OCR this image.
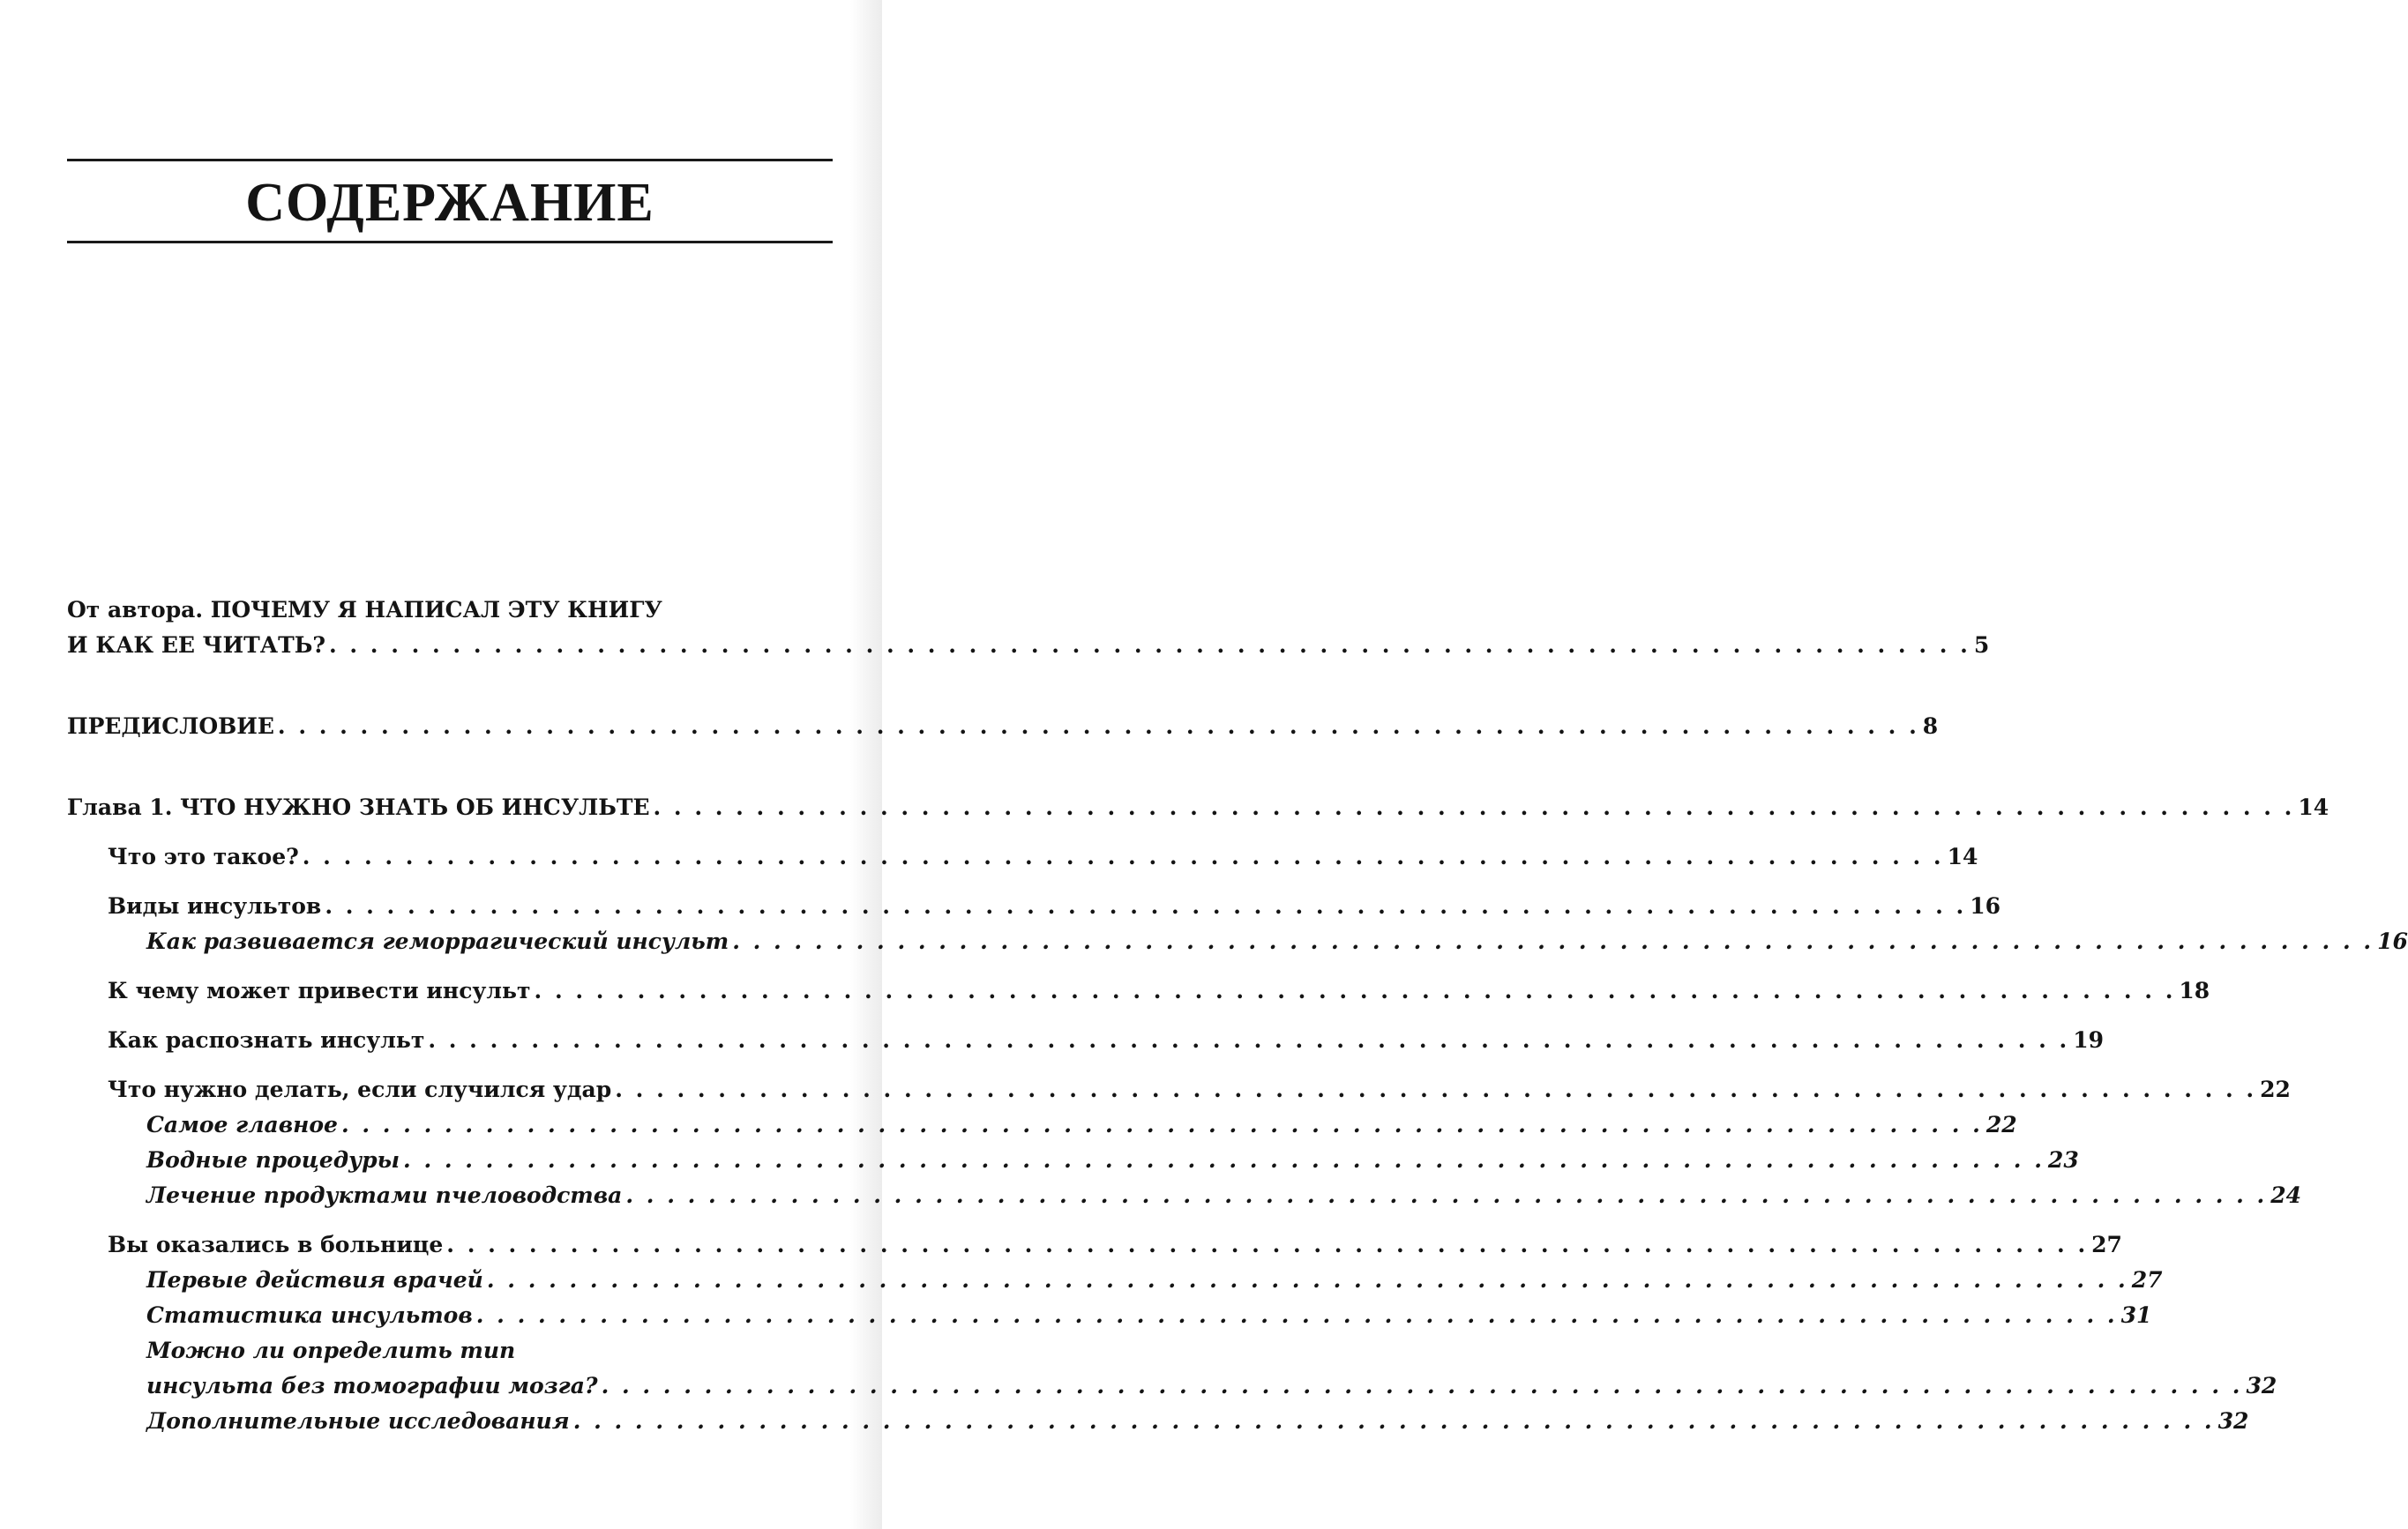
СОДЕРЖАНИЕ
От автора. ПОЧЕМУ Я НАПИСАЛ ЭТУ КНИГУ
И КАК ЕЕ ЧИТАТЬ? . . . . . . . . . . . . . . . . . . . . . . . . . . . . . . . . . . . . . . . . . . . . . . . . . . . . . . . . . . . . . . . . . . . . . . . . . . . . . . . . 5
ПРЕДИСЛОВИЕ . . . . . . . . . . . . . . . . . . . . . . . . . . . . . . . . . . . . . . . . . . . . . . . . . . . . . . . . . . . . . . . . . . . . . . . . . . . . . . . . 8
Глава 1. ЧТО НУЖНО ЗНАТЬ ОБ ИНСУЛЬТЕ . . . . . . . . . . . . . . . . . . . . . . . . . . . . . . . . . . . . . . . . . . . . . . . . . . . . . . . . . . . . . . . . . . . . . . . . . . . . . . . . 14
Что это такое? . . . . . . . . . . . . . . . . . . . . . . . . . . . . . . . . . . . . . . . . . . . . . . . . . . . . . . . . . . . . . . . . . . . . . . . . . . . . . . . . 14
Виды инсультов . . . . . . . . . . . . . . . . . . . . . . . . . . . . . . . . . . . . . . . . . . . . . . . . . . . . . . . . . . . . . . . . . . . . . . . . . . . . . . . . 16
Как развивается геморрагический инсульт . . . . . . . . . . . . . . . . . . . . . . . . . . . . . . . . . . . . . . . . . . . . . . . . . . . . . . . . . . . . . . . . . . . . . . . . . . . . . . . . 16
К чему может привести инсульт . . . . . . . . . . . . . . . . . . . . . . . . . . . . . . . . . . . . . . . . . . . . . . . . . . . . . . . . . . . . . . . . . . . . . . . . . . . . . . . . 18
Как распознать инсульт . . . . . . . . . . . . . . . . . . . . . . . . . . . . . . . . . . . . . . . . . . . . . . . . . . . . . . . . . . . . . . . . . . . . . . . . . . . . . . . . 19
Что нужно делать, если случился удар . . . . . . . . . . . . . . . . . . . . . . . . . . . . . . . . . . . . . . . . . . . . . . . . . . . . . . . . . . . . . . . . . . . . . . . . . . . . . . . . 22
Самое главное . . . . . . . . . . . . . . . . . . . . . . . . . . . . . . . . . . . . . . . . . . . . . . . . . . . . . . . . . . . . . . . . . . . . . . . . . . . . . . . . 22
Водные процедуры . . . . . . . . . . . . . . . . . . . . . . . . . . . . . . . . . . . . . . . . . . . . . . . . . . . . . . . . . . . . . . . . . . . . . . . . . . . . . . . . 23
Лечение продуктами пчеловодства . . . . . . . . . . . . . . . . . . . . . . . . . . . . . . . . . . . . . . . . . . . . . . . . . . . . . . . . . . . . . . . . . . . . . . . . . . . . . . . . 24
Вы оказались в больнице . . . . . . . . . . . . . . . . . . . . . . . . . . . . . . . . . . . . . . . . . . . . . . . . . . . . . . . . . . . . . . . . . . . . . . . . . . . . . . . . 27
Первые действия врачей . . . . . . . . . . . . . . . . . . . . . . . . . . . . . . . . . . . . . . . . . . . . . . . . . . . . . . . . . . . . . . . . . . . . . . . . . . . . . . . . 27
Статистика инсультов . . . . . . . . . . . . . . . . . . . . . . . . . . . . . . . . . . . . . . . . . . . . . . . . . . . . . . . . . . . . . . . . . . . . . . . . . . . . . . . . 31
Можно ли определить тип
инсульта без томографии мозга? . . . . . . . . . . . . . . . . . . . . . . . . . . . . . . . . . . . . . . . . . . . . . . . . . . . . . . . . . . . . . . . . . . . . . . . . . . . . . . . . 32
Дополнительные исследования . . . . . . . . . . . . . . . . . . . . . . . . . . . . . . . . . . . . . . . . . . . . . . . . . . . . . . . . . . . . . . . . . . . . . . . . . . . . . . . . 32
